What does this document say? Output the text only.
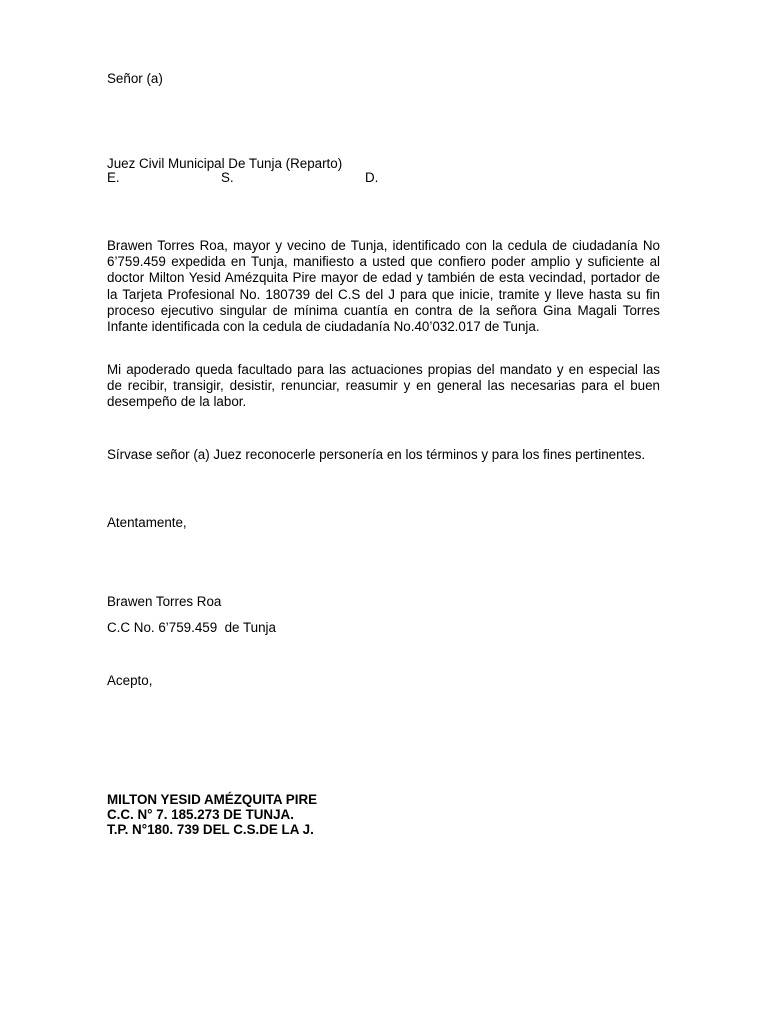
Señor (a)
Juez Civil Municipal De Tunja (Reparto)
E.	S.	D.
Brawen Torres Roa, mayor y vecino de Tunja, identificado con la cedula de ciudadanía No 6’759.459 expedida en Tunja, manifiesto a usted que confiero poder amplio y suficiente al doctor Milton Yesid Amézquita Pire mayor de edad y también de esta vecindad, portador de la Tarjeta Profesional No. 180739 del C.S del J para que inicie, tramite y lleve hasta su fin proceso ejecutivo singular de mínima cuantía en contra de la señora Gina Magali Torres Infante identificada con la cedula de ciudadanía No.40’032.017 de Tunja.
Mi apoderado queda facultado para las actuaciones propias del mandato y en especial las de recibir, transigir, desistir, renunciar, reasumir y en general las necesarias para el buen desempeño de la labor.
Sírvase señor (a) Juez reconocerle personería en los términos y para los fines pertinentes.
Atentamente,
Brawen Torres Roa
C.C No. 6’759.459  de Tunja
Acepto,
MILTON YESID AMÉZQUITA PIRE
C.C. N° 7. 185.273 DE TUNJA.
T.P. N°180. 739 DEL C.S.DE LA J.
